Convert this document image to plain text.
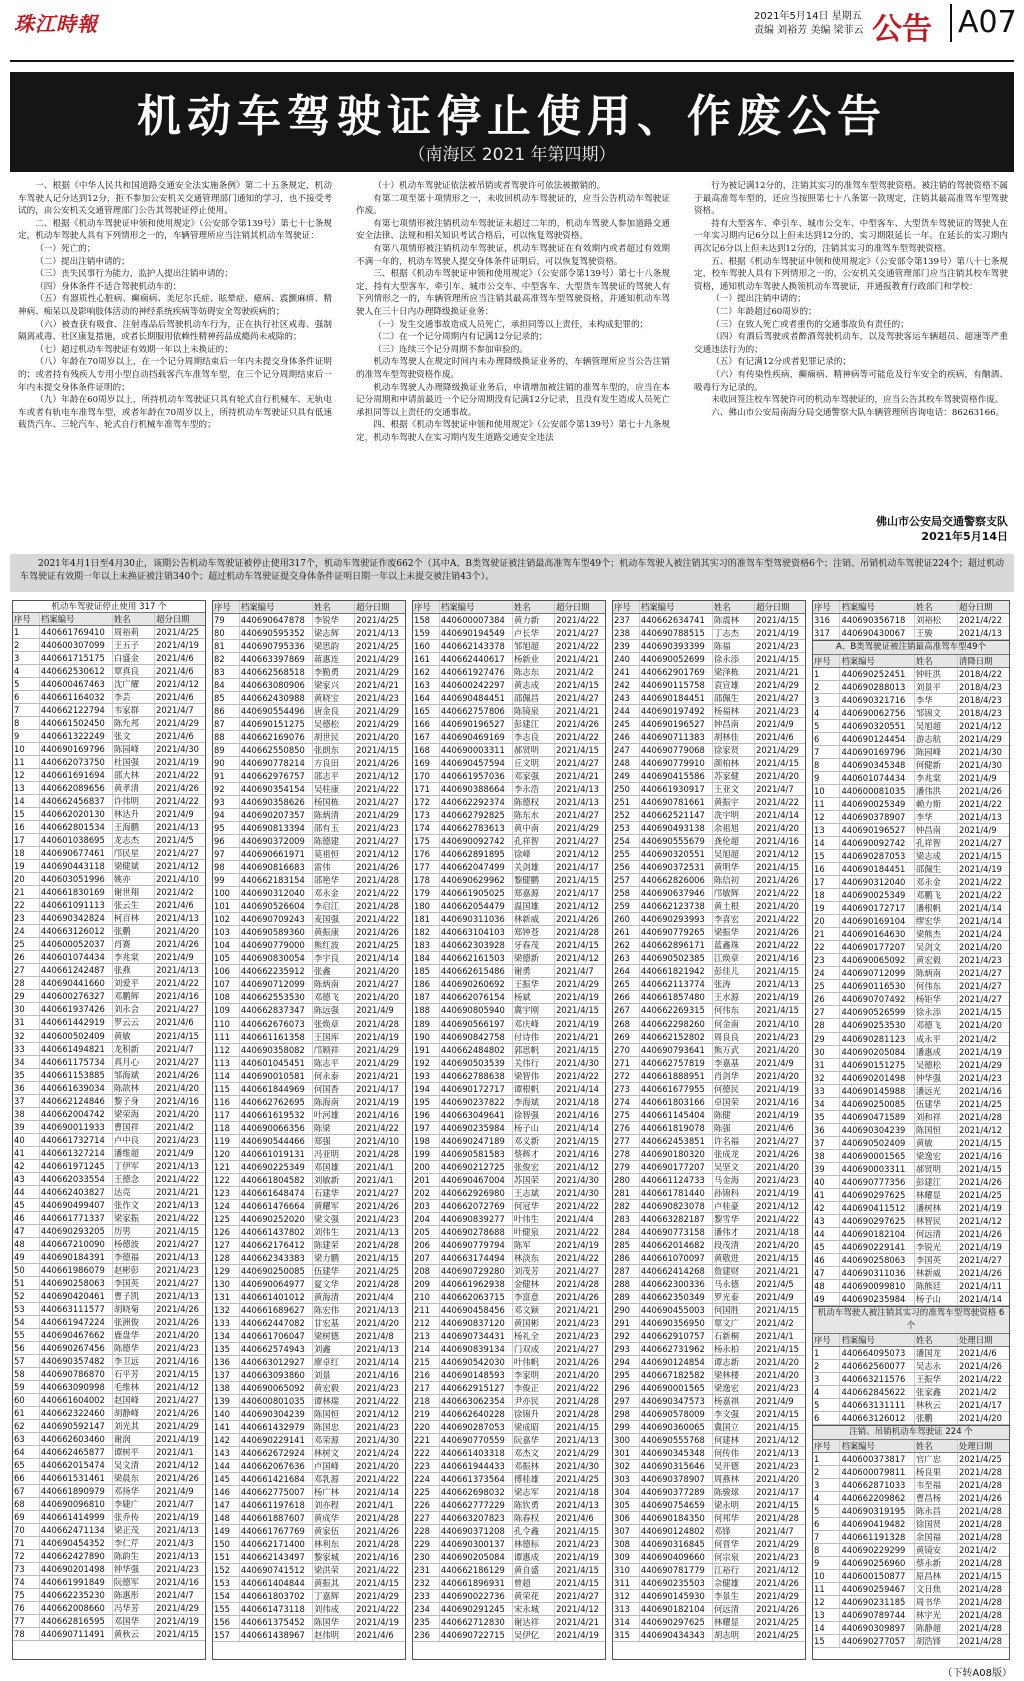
珠江時報	2021年5月14日 星期五
责编 刘裕芳 美编 梁菲云 公告 A07
机动车驾驶证停止使用、作废公告
（南海区 2021 年第四期）

一、根据《中华人民共和国道路交通安全法实施条例》第二十五条规定，机动车驾驶人记分达到12分，拒不参加公安机关交通管理部门通知的学习，也不接受考试的，由公安机关交通管理部门公告其驾驶证停止使用。

二、根据《机动车驾驶证申领和使用规定》（公安部令第139号）第七十七条规定，机动车驾驶人具有下列情形之一的，车辆管理所应当注销其机动车驾驶证：

（一）死亡的；

（二）提出注销申请的；

（三）丧失民事行为能力，监护人提出注销申请的；

（四）身体条件不适合驾驶机动车的；

（五）有器质性心脏病、癫痫病、美尼尔氏症、眩晕症、癔病、震颤麻痹、精神病、痴呆以及影响肢体活动的神经系统疾病等妨碍安全驾驶疾病的；

（六）被查获有吸食、注射毒品后驾驶机动车行为，正在执行社区戒毒、强制隔离戒毒、社区康复措施，或者长期服用依赖性精神药品成瘾尚未戒除的；

（七）超过机动车驾驶证有效期一年以上未换证的；

（八）年龄在70周岁以上，在一个记分周期结束后一年内未提交身体条件证明的；或者持有残疾人专用小型自动挡载客汽车准驾车型，在三个记分周期结束后一年内未提交身体条件证明的；

（九）年龄在60周岁以上，所持机动车驾驶证只具有轮式自行机械车、无轨电车或者有轨电车准驾车型，或者年龄在70周岁以上，所持机动车驾驶证只具有低速载货汽车、三轮汽车、轮式自行机械车准驾车型的；

（十）机动车驾驶证依法被吊销或者驾驶许可依法被撤销的。

有第二项至第十项情形之一，未收回机动车驾驶证的，应当公告机动车驾驶证作废。

有第七项情形被注销机动车驾驶证未超过二年的，机动车驾驶人参加道路交通安全法律、法规和相关知识考试合格后，可以恢复驾驶资格。

有第八项情形被注销机动车驾驶证，机动车驾驶证在有效期内或者超过有效期不满一年的，机动车驾驶人提交身体条件证明后，可以恢复驾驶资格。

三、根据《机动车驾驶证申领和使用规定》（公安部令第139号）第七十八条规定，持有大型客车、牵引车、城市公交车、中型客车、大型货车驾驶证的驾驶人有下列情形之一的，车辆管理所应当注销其最高准驾车型驾驶资格，并通知机动车驾驶人在三十日内办理降级换证业务：

（一）发生交通事故造成人员死亡，承担同等以上责任，未构成犯罪的；

（二）在一个记分周期内有记满12分记录的；

（三）连续三个记分周期不参加审验的。

机动车驾驶人在规定时间内未办理降级换证业务的，车辆管理所应当公告注销的准驾车型驾驶资格作废。

机动车驾驶人办理降级换证业务后，申请增加被注销的准驾车型的，应当在本记分周期和申请前最近一个记分周期没有记满12分记录，且没有发生造成人员死亡承担同等以上责任的交通事故。

四、根据《机动车驾驶证申领和使用规定》（公安部令第139号）第七十九条规定，机动车驾驶人在实习期内发生道路交通安全违法

行为被记满12分的，注销其实习的准驾车型驾驶资格。被注销的驾驶资格不属于最高准驾车型的，还应当按照第七十八条第一款规定，注销其最高准驾车型驾驶资格。

持有大型客车、牵引车、城市公交车、中型客车、大型货车驾驶证的驾驶人在一年实习期内记6分以上但未达到12分的，实习期限延长一年。在延长的实习期内再次记6分以上但未达到12分的，注销其实习的准驾车型驾驶资格。

五、根据《机动车驾驶证申领和使用规定》（公安部令第139号）第八十七条规定，校车驾驶人具有下列情形之一的，公安机关交通管理部门应当注销其校车驾驶资格，通知机动车驾驶人换领机动车驾驶证，并通报教育行政部门和学校：

（一）提出注销申请的；

（二）年龄超过60周岁的；

（三）在致人死亡或者重伤的交通事故负有责任的；

（四）有酒后驾驶或者醉酒驾驶机动车，以及驾驶客运车辆超员、超速等严重交通违法行为的；

（五）有记满12分或者犯罪记录的；

（六）有传染性疾病，癫痫病、精神病等可能危及行车安全的疾病，有酗酒、吸毒行为记录的。

未收回签注校车驾驶许可的机动车驾驶证的，应当公告其校车驾驶资格作废。

六、佛山市公安局南海分局交通警察大队车辆管理所咨询电话：86263166。

佛山市公安局交通警察支队
2021年5月14日
2021年4月1日至4月30止，该期公告机动车驾驶证被停止使用317个，机动车驾驶证作废662个（其中A、B类驾驶证被注销最高准驾车型49个；机动车驾驶人被注销其实习的准驾车型驾驶资格6个；注销、吊销机动车驾驶证224个；超过机动车驾驶证有效期一年以上未换证被注销340个；超过机动车驾驶证提交身体条件证明日期一年以上未提交被注销43个）。
机动车驾驶证停止使用 317 个
序号	档案编号	姓名	超分日期
1	440661769410	周裕莉	2021/4/25
2	440600307099	王五子	2021/4/19
3	440661715175	白盛金	2021/4/6
4	440662530612	覃真良	2021/4/6
5	440600467463	沈广耀	2021/4/12
6	440661164032	李芸	2021/4/6
7	440662122794	韦家群	2021/4/7
8	440661502450	陈允邦	2021/4/29
9	440661322249	张文	2021/4/6
10	440690169796	陈园峰	2021/4/30
11	440662073750	杜国强	2021/4/19
12	440661691694	邵大林	2021/4/22
13	440662089656	黄孝清	2021/4/26
14	440662456837	许伟明	2021/4/22
15	440662020130	林达升	2021/4/9
16	440662801534	王海鹏	2021/4/13
17	440601038695	龙志杰	2021/4/5
18	440690677461	邝民星	2021/4/27
19	440690443118	梁健斌	2021/4/12
20	440603051996	姚亦	2021/4/10
21	440661830169	谢世翔	2021/4/2
22	440661091113	张云生	2021/4/6
23	440690342824	柯百林	2021/4/13
24	440663126012	张鹏	2021/4/20
25	440600052037	肖赛	2021/4/26
26	440601074434	李兆棠	2021/4/9
27	440661242487	张燕	2021/4/13
28	440690441660	刘爱平	2021/4/22
29	440600276327	邓鹏辉	2021/4/16
30	440661937426	刘永会	2021/4/27
31	440661442919	罗云云	2021/4/6
32	440600502409	黄敏	2021/4/15
33	440661494821	龙积新	2021/4/7
34	440661175734	真月心	2021/4/27
35	440661153885	邹海斌	2021/4/26
36	440661639034	陈欲林	2021/4/20
37	440662124846	黎子身	2021/4/16
38	440662004742	梁荣海	2021/4/20
39	440690011933	曹国祥	2021/4/2
40	440661732714	卢中良	2021/4/23
41	440661327214	潘维超	2021/4/9
42	440661971245	丁伊军	2021/4/13
43	440662033554	王德念	2021/4/22
44	440662403827	达亮	2021/4/21
45	440690499407	张作文	2021/4/13
46	440661771337	梁家振	2021/4/22
47	440690293205	历男	2021/4/15
48	440667210090	杨德波	2021/4/27
49	440690184391	李德福	2021/4/13
50	440661986079	赵彬彭	2021/4/23
51	440690258063	李国英	2021/4/27
52	440690420461	曹子凯	2021/4/13
53	440663111577	胡晓菊	2021/4/26
54	440661947224	张洲俊	2021/4/26
55	440690467662	鹿盘华	2021/4/20
56	440690267456	陈德华	2021/4/23
57	440690357482	李卫远	2021/4/16
58	440690786870	石平芳	2021/4/15
59	440663090998	毛维林	2021/4/12
60	440661604002	赵国峰	2021/4/27
61	440662322460	胡静峰	2021/4/26
62	440690592147	刘光其	2021/4/29
63	440662603460	谢润	2021/4/19
64	440662465877	谭树平	2021/4/1
65	440662015474	吴文清	2021/4/12
66	440661531461	梁晨东	2021/4/26
67	440661890979	邓扬华	2021/4/9
68	440690096810	李婕广	2021/4/7
69	440661414999	张乔传	2021/4/19
70	440662471134	梁正茂	2021/4/13
71	440690454352	李仁芹	2021/4/3
72	440662427890	陈韵生	2021/4/13
73	440690201498	钟华强	2021/4/23
74	440661991849	阮德军	2021/4/16
75	440662235230	陈惠彤	2021/4/7
76	440662008660	冯华芳	2021/4/29
77	440662816595	邓国华	2021/4/19
78	440690711491	黄秋云	2021/4/15
序号	档案编号	姓名	超分日期
79	440690647878	李锐华	2021/4/25
80	440690595352	梁志辉	2021/4/13
81	440690795336	梁思韵	2021/4/25
82	440663397869	蒋惠连	2021/4/29
83	440662568518	李勤勇	2021/4/29
84	440663080906	梁家兴	2021/4/21
85	440662430988	黄晓宝	2021/4/23
86	440690554496	唐金良	2021/4/29
87	440690151275	吴德松	2021/4/29
88	440662169076	胡世民	2021/4/20
89	440662550850	张朗东	2021/4/15
90	440690778214	方良田	2021/4/26
91	440662976757	邵志平	2021/4/12
92	440690354154	吴柱康	2021/4/22
93	440690358626	杨国栋	2021/4/27
94	440690207357	陈炳清	2021/4/29
95	440690813394	邵有玉	2021/4/23
96	440690372009	陈德建	2021/4/27
97	440690661971	莫祖恒	2021/4/12
98	440690816683	雷伟	2021/4/26
99	440662183154	邵艳华	2021/4/28
100	440690312040	邓永金	2021/4/22
101	440690526604	李启江	2021/4/28
102	440690709243	麦国强	2021/4/22
103	440690589360	黄振康	2021/4/26
104	440690779000	熊红波	2021/4/25
105	440690830054	李宇良	2021/4/14
106	440662235912	张鑫	2021/4/20
107	440690712099	陈炳南	2021/4/27
108	440662553530	邓德飞	2021/4/20
109	440662837347	陈远强	2021/4/9
110	440662676073	张焕章	2021/4/28
111	440661161358	王国库	2021/4/19
112	440690358082	邝顾祥	2021/4/29
113	440601045451	陈志平	2021/4/29
114	440690010581	何永泰	2021/4/21
115	440661844969	何国香	2021/4/17
116	440662762695	陈海南	2021/4/19
117	440661619532	叶河雄	2021/4/16
118	440690066356	陈梁	2021/4/22
119	440690544466	郑强	2021/4/10
120	440661019131	冯亚明	2021/4/28
121	440690225349	邓国雄	2021/4/1
122	440661804582	刘敏新	2021/4/1
123	440661648474	石建华	2021/4/27
124	440661476664	黄耀军	2021/4/26
125	440690252020	梁文强	2021/4/23
126	440661437802	刘伟生	2021/4/13
127	440662176412	陈建荣	2021/4/28
128	440662343383	梁力鹏	2021/4/15
129	440690250085	伍建华	2021/4/25
130	440690064977	夏文华	2021/4/28
131	440661401012	黄海清	2021/4/4
132	440661689627	陈宏伟	2021/4/13
133	440662447082	甘宏基	2021/4/20
134	440661706047	梁树德	2021/4/8
135	440662574943	刘鑫	2021/4/13
136	440663012927	廖卓红	2021/4/14
137	440663093860	刘景	2021/4/16
138	440690065092	黄宏毅	2021/4/23
139	440600801035	谭林瑞	2021/4/22
140	440690304239	陈国恒	2021/4/12
141	440661432979	陈国忠	2021/4/23
142	440690229141	邓荣源	2021/4/30
143	440662672924	林树文	2021/4/24
144	440662067636	卢国峰	2021/4/20
145	440661421684	邓乳源	2021/4/22
146	440662775007	杨广林	2021/4/14
147	440661197618	刘亦程	2021/4/1
148	440661887607	黄成华	2021/4/28
149	440661767769	黄家伍	2021/4/26
150	440662171400	林利东	2021/4/28
151	440662143497	黎家城	2021/4/16
152	440690741512	梁洪荣	2021/4/22
153	440661404844	黄振其	2021/4/15
154	440661803702	丁嘉辉	2021/4/29
155	440661473118	刘伟成	2021/4/22
156	440661375452	陈国华	2021/4/19
157	440661438967	赵伟明	2021/4/6
序号	档案编号	姓名	超分日期
158	440600007384	黄力新	2021/4/22
159	440690194549	卢长华	2021/4/27
160	440662143378	邹旭超	2021/4/22
161	440662440617	杨新业	2021/4/21
162	440661927476	陈志东	2021/4/2
163	440600242297	黄志成	2021/4/15
164	440690484451	邵佩昌	2021/4/27
165	440662757806	陈镜泉	2021/4/21
166	440690196527	彭建江	2021/4/26
167	440690469169	李志良	2021/4/22
168	440690003311	郝贤明	2021/4/15
169	440690457594	丘文明	2021/4/27
170	440661957036	邓家强	2021/4/21
171	440690388664	李永浩	2021/4/13
172	440662292374	陈德权	2021/4/13
173	440662792825	陈东水	2021/4/27
174	440662783613	黄中南	2021/4/29
175	440690092742	孔祥智	2021/4/27
176	440662891895	徐峰	2021/4/12
177	440662047499	关剑雄	2021/4/17
178	440690629962	黎健鹏	2021/4/15
179	440661905025	郑嘉源	2021/4/17
180	440662054479	温国雄	2021/4/12
181	440690311036	林新威	2021/4/26
182	440663104103	郑钟苍	2021/4/28
183	440662303928	牙春茂	2021/4/15
184	440662161503	梁德新	2021/4/12
185	440662615486	谢勇	2021/4/7
186	440690260692	王振华	2021/4/29
187	440662076154	杨斌	2021/4/19
188	440690805940	冀宇刚	2021/4/15
189	440690566197	邓庆峰	2021/4/19
190	440690842758	付诗伟	2021/4/21
191	440662484802	郭思帆	2021/4/15
192	440690503539	关伟行	2021/4/30
193	440662788638	梁智伟	2021/4/22
194	440690172717	谭根帆	2021/4/14
195	440690237822	李海斌	2021/4/18
196	440663049641	徐智强	2021/4/16
197	440690235984	杨子山	2021/4/14
198	440690247189	邓义新	2021/4/15
199	440690581583	蔡辉才	2021/4/16
200	440690212725	张俊宏	2021/4/12
201	440690467004	苏国荣	2021/4/30
202	440662926980	王志斌	2021/4/30
203	440662072769	何冠华	2021/4/22
204	440690839277	叶伟生	2021/4/4
205	440690278688	叶健泉	2021/4/22
206	440690779794	陈军	2021/4/19
207	440663174494	林淡东	2021/4/22
208	440690729280	刘茂芳	2021/4/27
209	440661962938	金健林	2021/4/28
210	440662063715	李富意	2021/4/26
211	440690458456	邓文颖	2021/4/21
212	440690837120	黄国彬	2021/4/23
213	440690734431	杨礼全	2021/4/23
214	440690839134	门双成	2021/4/27
215	440690542030	叶伟帆	2021/4/26
216	440690148593	李家明	2021/4/20
217	440662915127	李俊正	2021/4/22
218	440663062354	尹亦民	2021/4/28
219	440662640228	徐锦升	2021/4/28
220	440690287053	梁成昭	2021/4/15
221	440690770559	阮嘉华	2021/4/13
222	440661403318	邓杰文	2021/4/29
223	440661944433	邓振林	2021/4/30
224	440661373564	傅桂雄	2021/4/25
225	440662698032	梁志军	2021/4/18
226	440662777229	陈钦勇	2021/4/13
227	440663207823	陈春权	2021/4/6
228	440690371208	孔令鑫	2021/4/15
229	440690300137	林德标	2021/4/23
230	440690205084	谭惠成	2021/4/19
231	440662186129	黄自盛	2021/4/15
232	440661896931	曾超	2021/4/15
233	440690022736	黄荣花	2021/4/27
234	440690291245	宋永城	2021/4/12
235	440662712830	谢达祥	2021/4/21
236	440690722715	吴伊亿	2021/4/19
序号	档案编号	姓名	超分日期
237	440662634741	陈震林	2021/4/15
238	440690788515	丁志杰	2021/4/19
239	440690393399	陈福	2021/4/23
240	440690052699	徐永添	2021/4/15
241	440662901769	梁泽栋	2021/4/21
242	440690115758	袁宣雄	2021/4/29
243	440690184451	邵佩生	2021/4/27
244	440690197492	杨福林	2021/4/23
245	440690196527	钟昌南	2021/4/9
246	440690711383	胡林佳	2021/4/6
247	440690779068	徐家贤	2021/4/29
248	440690779910	颜柏林	2021/4/15
249	440690415586	苏家健	2021/4/20
250	440661930917	王亚文	2021/4/7
251	440690781661	黄振宇	2021/4/22
252	440662521147	冼宇明	2021/4/14
253	440690493138	余祖旭	2021/4/20
254	440690555679	龚伦超	2021/4/16
255	440690320551	吴旭超	2021/4/12
256	440690372531	黄明华	2021/4/15
257	440662826006	陈信初	2021/4/26
258	440690637946	邝敏辉	2021/4/22
259	440662123738	黄土根	2021/4/20
260	440690293993	李喜宏	2021/4/22
261	440690779265	梁振华	2021/4/26
262	440662896171	蓝鑫珠	2021/4/22
263	440690502385	江焕章	2021/4/16
264	440661821942	彭佳儿	2021/4/15
265	440662113774	张涛	2021/4/13
266	440661857480	王水源	2021/4/19
267	440662269315	何伟东	2021/4/15
268	440662298260	何金南	2021/4/10
269	440662152802	周良良	2021/4/23
270	440690793641	熊万武	2021/4/20
271	440662757819	李嘉基	2021/4/9
272	440661888951	肖剑华	2021/4/20
273	440661677955	何德民	2021/4/19
274	440661803166	卓国荣	2021/4/16
275	440661145404	陈健	2021/4/19
276	440661819078	陈强	2021/4/6
277	440662453851	许名福	2021/4/27
278	440690180320	张成龙	2021/4/26
279	440690177207	吴坚文	2021/4/20
280	440661124733	马金海	2021/4/23
281	440661781440	孙锦科	2021/4/19
282	440690823078	卢桂豪	2021/4/12
283	440663282187	黎雪华	2021/4/22
284	440690773158	潘伟才	2021/4/18
285	440662014682	段茂清	2021/4/20
286	440661070097	黄敬进	2021/4/15
287	440662414268	詹建财	2021/4/21
288	440662300336	马永德	2021/4/5
289	440662350349	罗光泰	2021/4/9
290	440690455003	何国胜	2021/4/15
291	440690356950	覃文广	2021/4/2
292	440662910757	石新桐	2021/4/1
293	440662731962	杨永柏	2021/4/15
294	440690124854	谭志新	2021/4/20
295	440667182582	梁林楼	2021/4/20
296	440690001565	梁逸宏	2021/4/23
297	440690347573	杨嘉祺	2021/4/9
298	440690578009	李文强	2021/4/15
299	440690360065	冀国立	2021/4/15
300	440690555768	何建林	2021/4/12
301	440690345348	何传伟	2021/4/13
302	440690315646	吴开德	2021/4/23
303	440690378907	周燕林	2021/4/20
304	440690377289	陈骏球	2021/4/17
305	440690754659	梁永明	2021/4/15
306	440690184350	何邦华	2021/4/28
307	440690124802	邓锋	2021/4/7
308	440690316845	何晋华	2021/4/29
309	440690409660	何宗泉	2021/4/23
310	440690781779	江裕行	2021/4/12
311	440690235503	佘健雄	2021/4/26
312	440690145930	李景生	2021/4/29
313	440690182104	何远清	2021/4/26
314	440690297625	林耀显	2021/4/25
315	440690434343	胡志明	2021/4/25
序号	档案编号	姓名	超分日期
316	440690356718	刘裕松	2021/4/22
317	440690430067	王骏	2021/4/13
A、B类驾驶证被注销最高准驾车型49个
序号	档案编号	姓名	清降日期
1	440690252451	钟旺洪	2018/4/22
2	440690288013	刘景平	2018/4/23
3	440690321716	李华	2018/4/23
4	440690062756	邹锦文	2018/4/23
5	440690320551	吴旭超	2021/4/12
6	440690124454	游志航	2021/4/29
7	440690169796	陈园峰	2021/4/30
8	440690345348	何健新	2021/4/30
9	440601074434	李兆棠	2021/4/9
10	440600081035	潘伟洪	2021/4/26
11	440690025349	赖力斯	2021/4/22
12	440690378907	李华	2021/4/13
13	440690196527	钟昌南	2021/4/9
14	440690092742	孔祥智	2021/4/27
15	440690287053	梁志成	2021/4/15
16	440690184451	邵佩生	2021/4/19
17	440690312040	邓永金	2021/4/22
18	440690025349	邓鹏飞	2021/4/22
19	440690172717	潘根帆	2021/4/14
20	440690169104	缪宏华	2021/4/14
21	440690164630	梁熊杰	2021/4/24
22	440690177207	吴剑文	2021/4/20
23	440690065092	黄宏毅	2021/4/23
24	440690712099	陈炳南	2021/4/27
25	440690116530	何伟东	2021/4/27
26	440690707492	杨钜华	2021/4/27
27	440690526599	徐永添	2021/4/15
28	440690253530	邓德飞	2021/4/20
29	440690281123	成永平	2021/4/2
30	440690205084	潘惠成	2021/4/19
31	440690151275	吴德松	2021/4/29
32	440690201498	钟华强	2021/4/23
33	440690145988	潘远光	2021/4/16
34	440690250085	伍建华	2021/4/25
35	440690471589	刘和祥	2021/4/28
36	440690304239	陈国恒	2021/4/12
37	440690502409	黄敏	2021/4/15
38	440690001565	梁逸宏	2021/4/16
39	440690003311	郝贤明	2021/4/15
40	440690777356	彭建江	2021/4/26
41	440690297625	林耀显	2021/4/25
42	440690411512	潘树林	2021/4/19
43	440690297625	林智民	2021/4/12
44	440690182104	何远清	2021/4/26
45	440690229141	李锐光	2021/4/19
46	440690258063	李国英	2021/4/27
47	440690311036	林新威	2021/4/26
48	440690099810	陈熊廷	2021/4/11
49	440690235984	杨子山	2021/4/14
机动车驾驶人被注销其实习的准驾车型驾驶资格 6 个
序号	档案编号	姓名	处理日期
1	440664095073	潘国龙	2021/4/6
2	440662560077	吴志永	2021/4/26
3	440663211576	王振华	2021/4/22
4	440662845622	张家鑫	2021/4/2
5	440663131111	林秋云	2021/4/17
6	440663126012	张鹏	2021/4/20
注销、吊销机动车驾驶证 224 个
序号	档案编号	姓名	处理日期
1	440600373817	官广忠	2021/4/25
2	440600079811	杨良果	2021/4/28
3	440662871033	韦至福	2021/4/28
4	440662209862	曹昌杨	2021/4/26
5	440690319195	陈永昌	2021/4/28
6	440690419482	徐国贤	2021/4/28
7	440661191328	余国福	2021/4/28
8	440690229299	黄镜安	2021/4/2
9	440690256960	蔡永新	2021/4/28
10	440600150877	原昌林	2021/4/15
11	440690259467	文日焦	2021/4/28
12	440690231185	周书华	2021/4/28
13	440690789744	林宇光	2021/4/28
14	440690309897	陈静超	2021/4/28
15	440690277057	胡浩锋	2021/4/28
（下转A08版）
